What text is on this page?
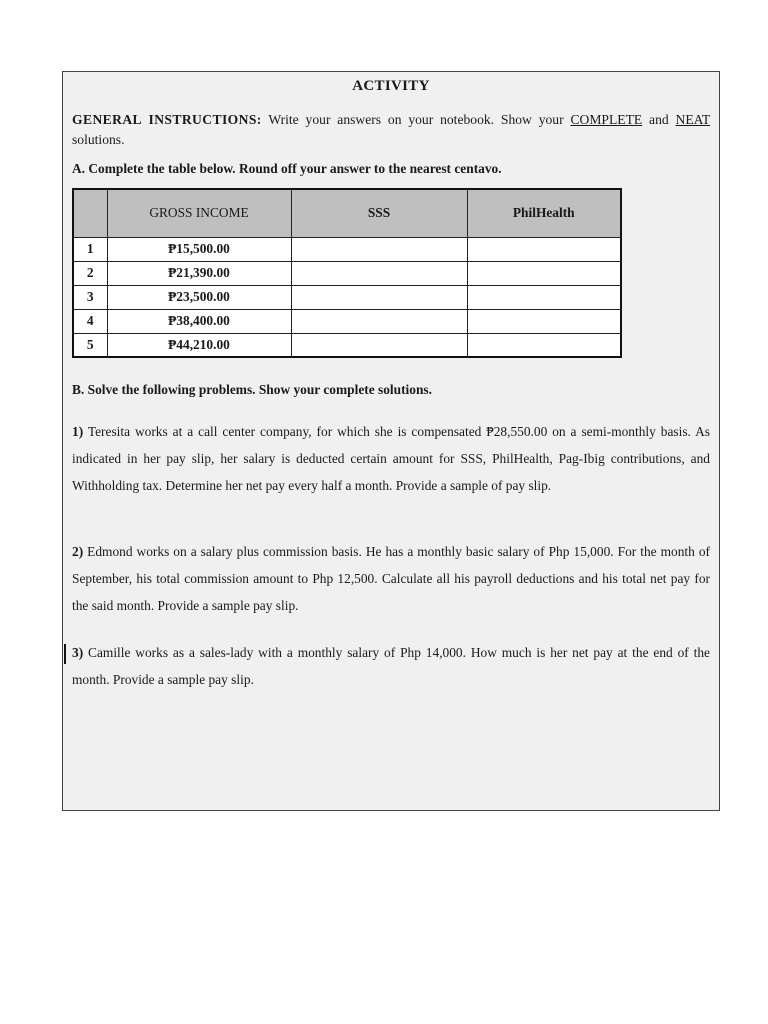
ACTIVITY
GENERAL INSTRUCTIONS: Write your answers on your notebook. Show your COMPLETE and NEAT solutions.
A. Complete the table below. Round off your answer to the nearest centavo.
	GROSS INCOME	SSS	PhilHealth
1	₱15,500.00		
2	₱21,390.00		
3	₱23,500.00		
4	₱38,400.00		
5	₱44,210.00		
B. Solve the following problems. Show your complete solutions.
1) Teresita works at a call center company, for which she is compensated ₱28,550.00 on a semi-monthly basis. As indicated in her pay slip, her salary is deducted certain amount for SSS, PhilHealth, Pag-Ibig contributions, and Withholding tax. Determine her net pay every half a month. Provide a sample of pay slip.
2) Edmond works on a salary plus commission basis. He has a monthly basic salary of Php 15,000. For the month of September, his total commission amount to Php 12,500. Calculate all his payroll deductions and his total net pay for the said month. Provide a sample pay slip.
3) Camille works as a sales-lady with a monthly salary of Php 14,000. How much is her net pay at the end of the month. Provide a sample pay slip.
